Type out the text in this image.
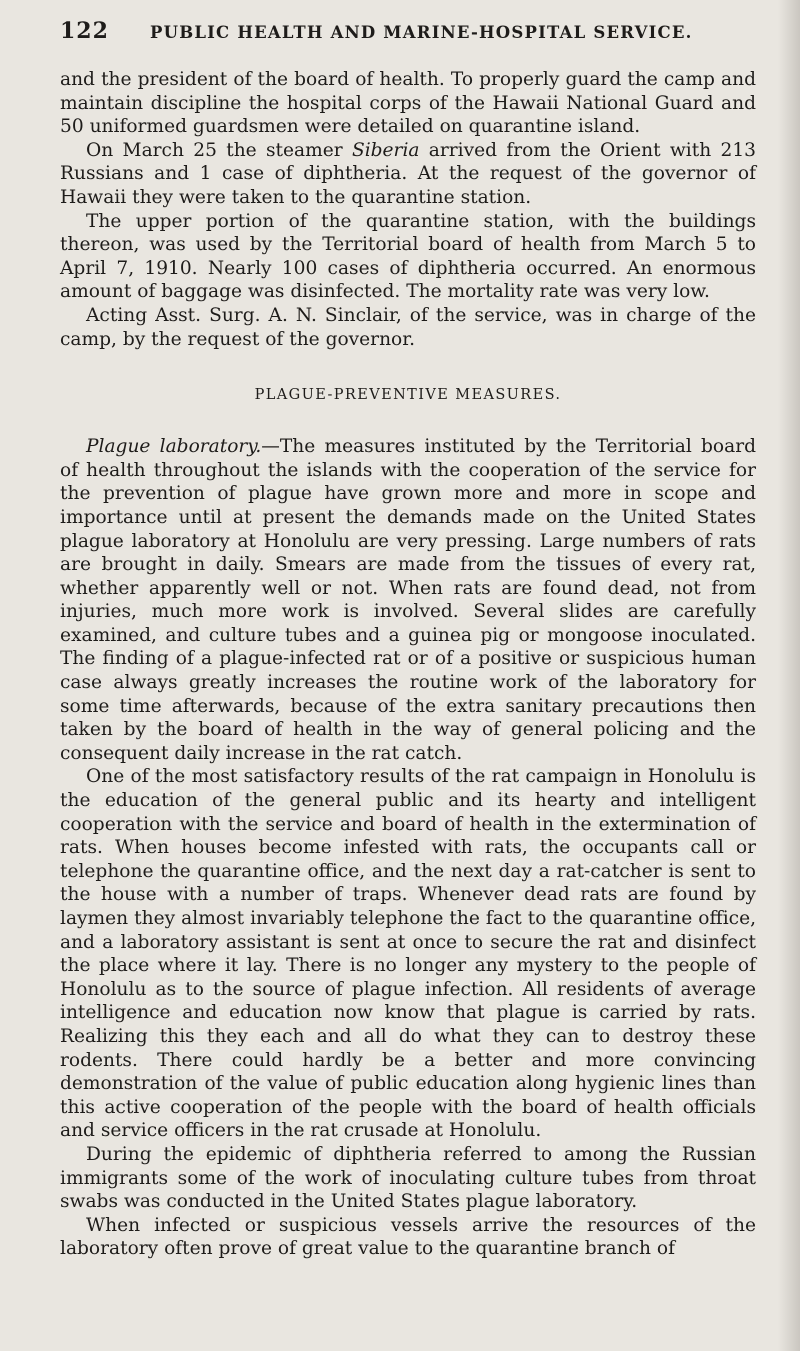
122	PUBLIC HEALTH AND MARINE-HOSPITAL SERVICE.

and the president of the board of health. To properly guard the camp and maintain discipline the hospital corps of the Hawaii National Guard and 50 uniformed guardsmen were detailed on quarantine island.

On March 25 the steamer Siberia arrived from the Orient with 213 Russians and 1 case of diphtheria. At the request of the governor of Hawaii they were taken to the quarantine station.

The upper portion of the quarantine station, with the buildings thereon, was used by the Territorial board of health from March 5 to April 7, 1910. Nearly 100 cases of diphtheria occurred. An enormous amount of baggage was disinfected. The mortality rate was very low.

Acting Asst. Surg. A. N. Sinclair, of the service, was in charge of the camp, by the request of the governor.

PLAGUE-PREVENTIVE MEASURES.

Plague laboratory.—The measures instituted by the Territorial board of health throughout the islands with the cooperation of the service for the prevention of plague have grown more and more in scope and importance until at present the demands made on the United States plague laboratory at Honolulu are very pressing. Large numbers of rats are brought in daily. Smears are made from the tissues of every rat, whether apparently well or not. When rats are found dead, not from injuries, much more work is involved. Several slides are carefully examined, and culture tubes and a guinea pig or mongoose inoculated. The finding of a plague-infected rat or of a positive or suspicious human case always greatly increases the routine work of the laboratory for some time afterwards, because of the extra sanitary precautions then taken by the board of health in the way of general policing and the consequent daily increase in the rat catch.

One of the most satisfactory results of the rat campaign in Honolulu is the education of the general public and its hearty and intelligent cooperation with the service and board of health in the extermination of rats. When houses become infested with rats, the occupants call or telephone the quarantine office, and the next day a rat-catcher is sent to the house with a number of traps. Whenever dead rats are found by laymen they almost invariably telephone the fact to the quarantine office, and a laboratory assistant is sent at once to secure the rat and disinfect the place where it lay. There is no longer any mystery to the people of Honolulu as to the source of plague infection. All residents of average intelligence and education now know that plague is carried by rats. Realizing this they each and all do what they can to destroy these rodents. There could hardly be a better and more convincing demonstration of the value of public education along hygienic lines than this active cooperation of the people with the board of health officials and service officers in the rat crusade at Honolulu.

During the epidemic of diphtheria referred to among the Russian immigrants some of the work of inoculating culture tubes from throat swabs was conducted in the United States plague laboratory.

When infected or suspicious vessels arrive the resources of the laboratory often prove of great value to the quarantine branch of
